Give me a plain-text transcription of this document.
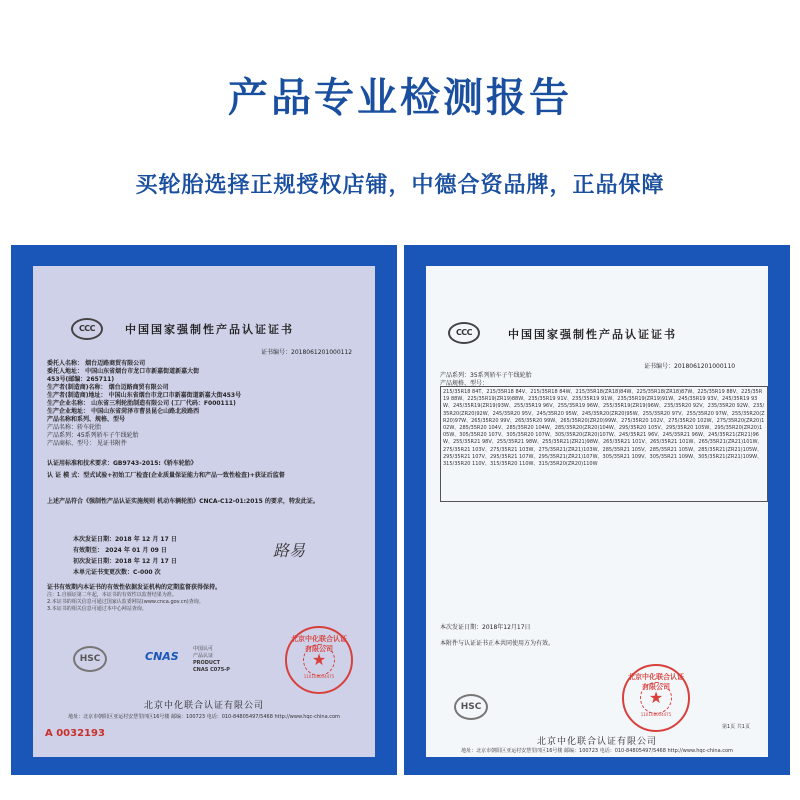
产品专业检测报告
买轮胎选择正规授权店铺，中德合资品牌，正品保障
CCC	中国国家强制性产品认证证书
证书编号：2018061201000112
委托人名称： 烟台迈路商贸有限公司
委托人地址： 中国山东省烟台市龙口市新嘉街道新嘉大街
453号(邮编：265711)
生产者(制造商)名称： 烟台迈路商贸有限公司
生产者(制造商)地址： 中国山东省烟台市龙口市新嘉街道新嘉大街453号
生产企业名称： 山东省三利轮胎制造有限公司 (工厂代码：F000111)
生产企业地址： 中国山东省菏泽市曹县昆仑山路北段路西
产品名称和系列、规格、型号
产品名称：轿车轮胎
产品系列：45系列轿车子午线轮胎
产品商标、型号： 见证书附件
认证用标准和技术要求：GB9743-2015:《轿车轮胎》
认 证 模 式：型式试验+初始工厂检查(企业质量保证能力和产品一致性检查)+获证后监督
上述产品符合《强制性产品认证实施规则 机动车辆轮胎》CNCA-C12-01:2015 的要求，特发此证。
本次发证日期：2018 年 12 月 17 日
有效期至： 2024 年 01 月 09 日
初次发证日期：2018 年 12 月 17 日
本单元证书变更次数：C-000 次
路易
证书有效期内本证书的有效性依据发证机构的定期监督获得保持。
注：1.自颁证第二年起，本证书的有效性以监督结果为准。
2.本证书的相关信息可通过国家认监委网站(www.cnca.gov.cn)查询。
3.本证书的相关信息可通过本中心网站查询。
HSC	CNAS
中国认可
产品认证
PRODUCT
CNAS C075-P
北京中化联合认证有限公司
★
110108004475
北京中化联合认证有限公司
地址：北京市朝阳区亚运村安慧里四区16号楼 邮编：100723 电话：010-84805497/5468 http://www.hqc-china.com
A 0032193
CCC	中国国家强制性产品认证证书
证书编号：2018061201000110
产品系列：35系列轿车子午线轮胎
产品规格、型号：
215/35R18 84T、215/35R18 84V、215/35R18 84W、215/35R18(ZR18)84W、225/35R18(ZR18)87W、225/35R19 88V、225/35R19 88W、225/35R19(ZR19)88W、235/35R19 91V、235/35R19 91W、235/35R19(ZR19)91W、245/35R19 93V、245/35R19 93W、245/35R19(ZR19)93W、255/35R19 96V、255/35R19 96W、255/35R19(ZR19)96W、235/35R20 92V、235/35R20 92W、235/35R20(ZR20)92W、245/35R20 95V、245/35R20 95W、245/35R20(ZR20)95W、255/35R20 97V、255/35R20 97W、255/35R20(ZR20)97W、265/35R20 99V、265/35R20 99W、265/35R20(ZR20)99W、275/35R20 102V、275/35R20 102W、275/35R20(ZR20)102W、285/35R20 104V、285/35R20 104W、285/35R20(ZR20)104W、295/35R20 105V、295/35R20 105W、295/35R20(ZR20)105W、305/35R20 107V、305/35R20 107W、305/35R20(ZR20)107W、245/35R21 96V、245/35R21 96W、245/35R21(ZR21)96W、255/35R21 98V、255/35R21 98W、255/35R21(ZR21)98W、265/35R21 101V、265/35R21 101W、265/35R21(ZR21)101W、275/35R21 103V、275/35R21 103W、275/35R21(ZR21)103W、285/35R21 105V、285/35R21 105W、285/35R21(ZR21)105W、295/35R21 107V、295/35R21 107W、295/35R21(ZR21)107W、305/35R21 109V、305/35R21 109W、305/35R21(ZR21)109W、315/35R20 110V、315/35R20 110W、315/35R20(ZR20)110W
本次发证日期：2018年12月17日
本附件与认证证书正本共同使用方为有效。
HSC
北京中化联合认证有限公司
★
110108004475
第1页 共1页
北京中化联合认证有限公司
地址：北京市朝阳区亚运村安慧里四区16号楼 邮编：100723 电话：010-84805497/5468 http://www.hqc-china.com
